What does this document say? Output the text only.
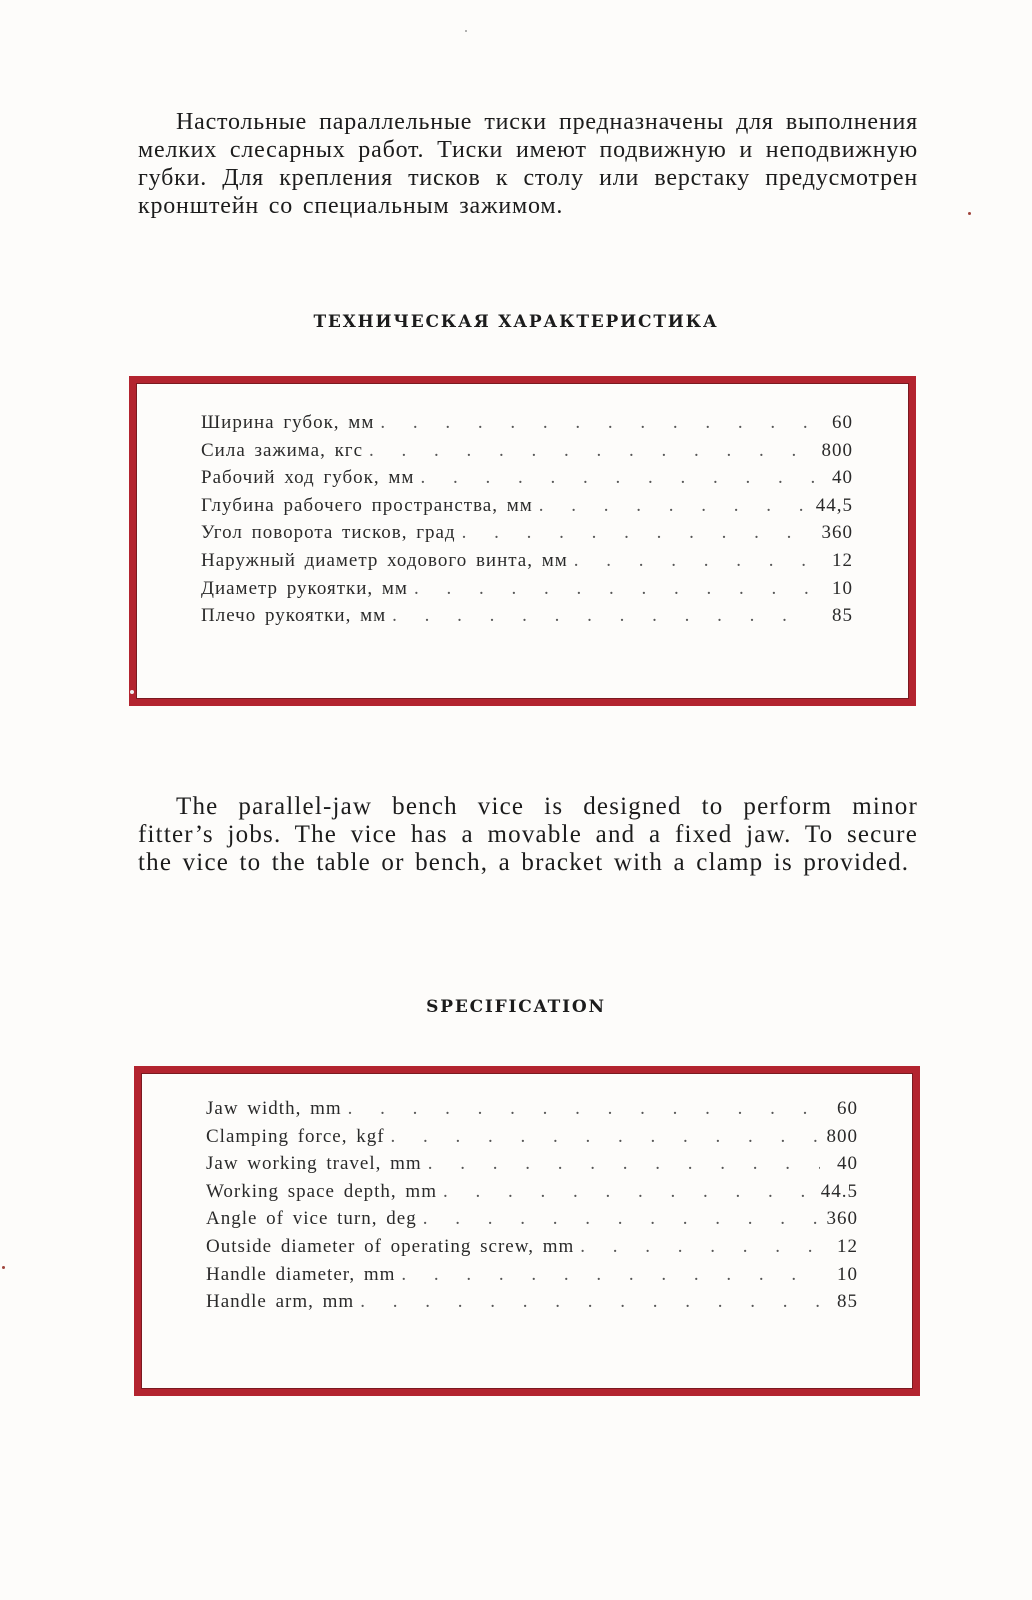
Настольные параллельные тиски предназначены для выполнения мелких слесарных работ. Тиски имеют подвижную и неподвижную губки. Для крепления тисков к столу или верстаку предусмотрен кронштейн со специальным зажимом.

ТЕХНИЧЕСКАЯ ХАРАКТЕРИСТИКА
Ширина губок, мм . . .	60
Сила зажима, кгс . . .	800
Рабочий ход губок, мм . . .	40
Глубина рабочего пространства, мм . . .	44,5
Угол поворота тисков, град . . .	360
Наружный диаметр ходового винта, мм . . .	12
Диаметр рукоятки, мм . . .	10
Плечо рукоятки, мм . . .	85

The parallel-jaw bench vice is designed to perform minor fitter’s jobs. The vice has a movable and a fixed jaw. To secure the vice to the table or bench, a bracket with a clamp is provided.

SPECIFICATION
Jaw width, mm . . .	60
Clamping force, kgf . . .	800
Jaw working travel, mm . . .	40
Working space depth, mm . . .	44.5
Angle of vice turn, deg . . .	360
Outside diameter of operating screw, mm . . .	12
Handle diameter, mm . . .	10
Handle arm, mm . . .	85
